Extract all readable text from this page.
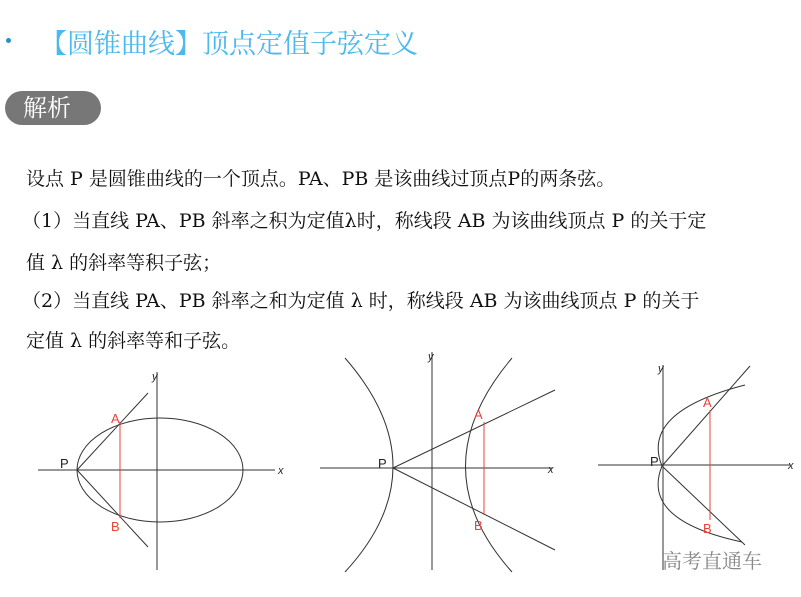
【圆锥曲线】顶点定值子弦定义
解析
设点 P 是圆锥曲线的一个顶点。PA、PB 是该曲线过顶点P的两条弦。
（1）当直线 PA、PB 斜率之积为定值λ时，称线段 AB 为该曲线顶点 P 的关于定
值 λ 的斜率等积子弦；
（2）当直线 PA、PB 斜率之和为定值 λ 时，称线段 AB 为该曲线顶点 P 的关于
定值 λ 的斜率等和子弦。
P
A
B
x
y
P
A
B
x
y
P
A
B
x
y
高考直通车
